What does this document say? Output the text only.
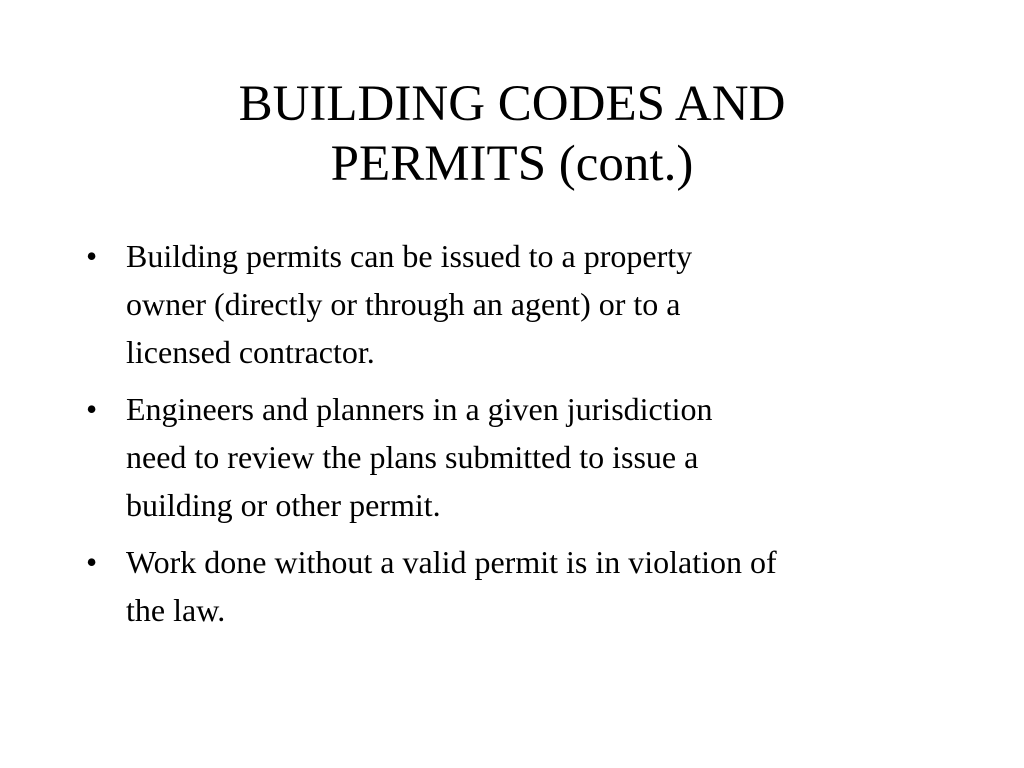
BUILDING CODES AND
PERMITS (cont.)
• Building permits can be issued to a property
owner (directly or through an agent) or to a
licensed contractor.
• Engineers and planners in a given jurisdiction
need to review the plans submitted to issue a
building or other permit.
• Work done without a valid permit is in violation of
the law.
